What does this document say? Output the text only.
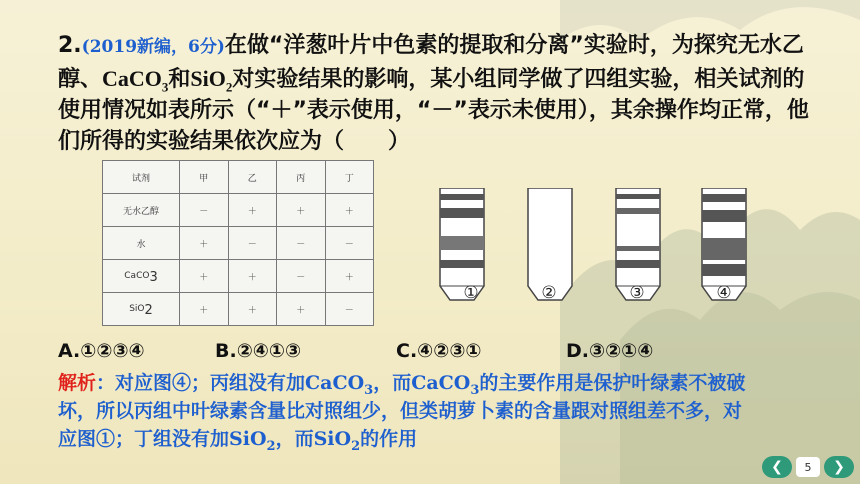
2.(2019新编，6分)在做“洋葱叶片中色素的提取和分离”实验时，为探究无水乙醇、CaCO$_3$和SiO$_2$对实验结果的影响，某小组同学做了四组实验，相关试剂的使用情况如表所示（“＋”表示使用，“－”表示未使用），其余操作均正常，他们所得的实验结果依次应为（　　）
试剂	甲	乙	丙	丁
无水乙醇	－	＋	＋	＋
水	＋	－	－	－
CaCO$_3$	＋	＋	－	＋
SiO$_2$	＋	＋	＋	－
①	②	③	④
A.①②③④	B.②④①③	C.④②③①	D.③②①④
解析：对应图④；丙组没有加CaCO$_3$，而CaCO$_3$的主要作用是保护叶绿素不被破坏，所以丙组中叶绿素含量比对照组少，但类胡萝卜素的含量跟对照组差不多，对应图①；丁组没有加SiO$_2$，而SiO$_2$的作用
❮	5	❯
